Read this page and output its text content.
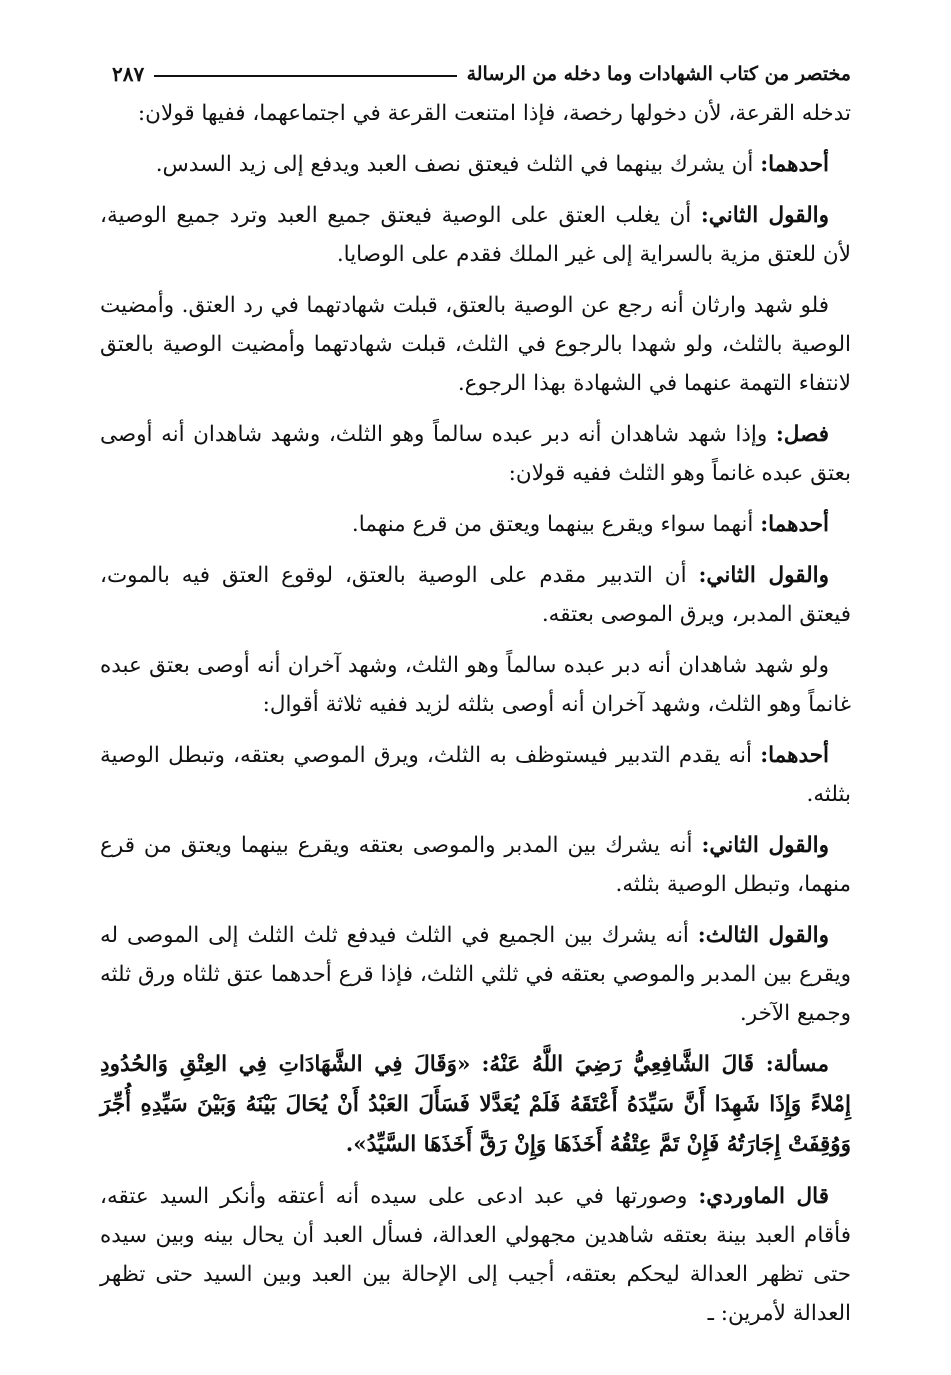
مختصر من كتاب الشهادات وما دخله من الرسالة
٢٨٧

تدخله القرعة، لأن دخولها رخصة، فإذا امتنعت القرعة في اجتماعهما، ففيها قولان:

أحدهما: أن يشرك بينهما في الثلث فيعتق نصف العبد ويدفع إلى زيد السدس.

والقول الثاني: أن يغلب العتق على الوصية فيعتق جميع العبد وترد جميع الوصية، لأن للعتق مزية بالسراية إلى غير الملك فقدم على الوصايا.

فلو شهد وارثان أنه رجع عن الوصية بالعتق، قبلت شهادتهما في رد العتق. وأمضيت الوصية بالثلث، ولو شهدا بالرجوع في الثلث، قبلت شهادتهما وأمضيت الوصية بالعتق لانتفاء التهمة عنهما في الشهادة بهذا الرجوع.

فصل: وإذا شهد شاهدان أنه دبر عبده سالماً وهو الثلث، وشهد شاهدان أنه أوصى بعتق عبده غانماً وهو الثلث ففيه قولان:

أحدهما: أنهما سواء ويقرع بينهما ويعتق من قرع منهما.

والقول الثاني: أن التدبير مقدم على الوصية بالعتق، لوقوع العتق فيه بالموت، فيعتق المدبر، ويرق الموصى بعتقه.

ولو شهد شاهدان أنه دبر عبده سالماً وهو الثلث، وشهد آخران أنه أوصى بعتق عبده غانماً وهو الثلث، وشهد آخران أنه أوصى بثلثه لزيد ففيه ثلاثة أقوال:

أحدهما: أنه يقدم التدبير فيستوظف به الثلث، ويرق الموصي بعتقه، وتبطل الوصية بثلثه.

والقول الثاني: أنه يشرك بين المدبر والموصى بعتقه ويقرع بينهما ويعتق من قرع منهما، وتبطل الوصية بثلثه.

والقول الثالث: أنه يشرك بين الجميع في الثلث فيدفع ثلث الثلث إلى الموصى له ويقرع بين المدبر والموصي بعتقه في ثلثي الثلث، فإذا قرع أحدهما عتق ثلثاه ورق ثلثه وجميع الآخر.

مسألة: قَالَ الشَّافِعِيُّ رَضِيَ اللَّهُ عَنْهُ: «وَقَالَ فِي الشَّهَادَاتِ فِي العِتْقِ وَالحُدُودِ إِمْلاءً وَإِذَا شَهِدَا أَنَّ سَيِّدَهُ أَعْتَقَهُ فَلَمْ يُعَدَّلا فَسَأَلَ العَبْدُ أَنْ يُحَالَ بَيْنَهُ وَبَيْنَ سَيِّدِهِ أُجِّرَ وَوُقِفَتْ إِجَارَتُهُ فَإِنْ تَمَّ عِتْقُهُ أَخَذَهَا وَإِنْ رَقَّ أَخَذَهَا السَّيِّدُ».

قال الماوردي: وصورتها في عبد ادعى على سيده أنه أعتقه وأنكر السيد عتقه، فأقام العبد بينة بعتقه شاهدين مجهولي العدالة، فسأل العبد أن يحال بينه وبين سيده حتى تظهر العدالة ليحكم بعتقه، أجيب إلى الإحالة بين العبد وبين السيد حتى تظهر العدالة لأمرين: ـ
